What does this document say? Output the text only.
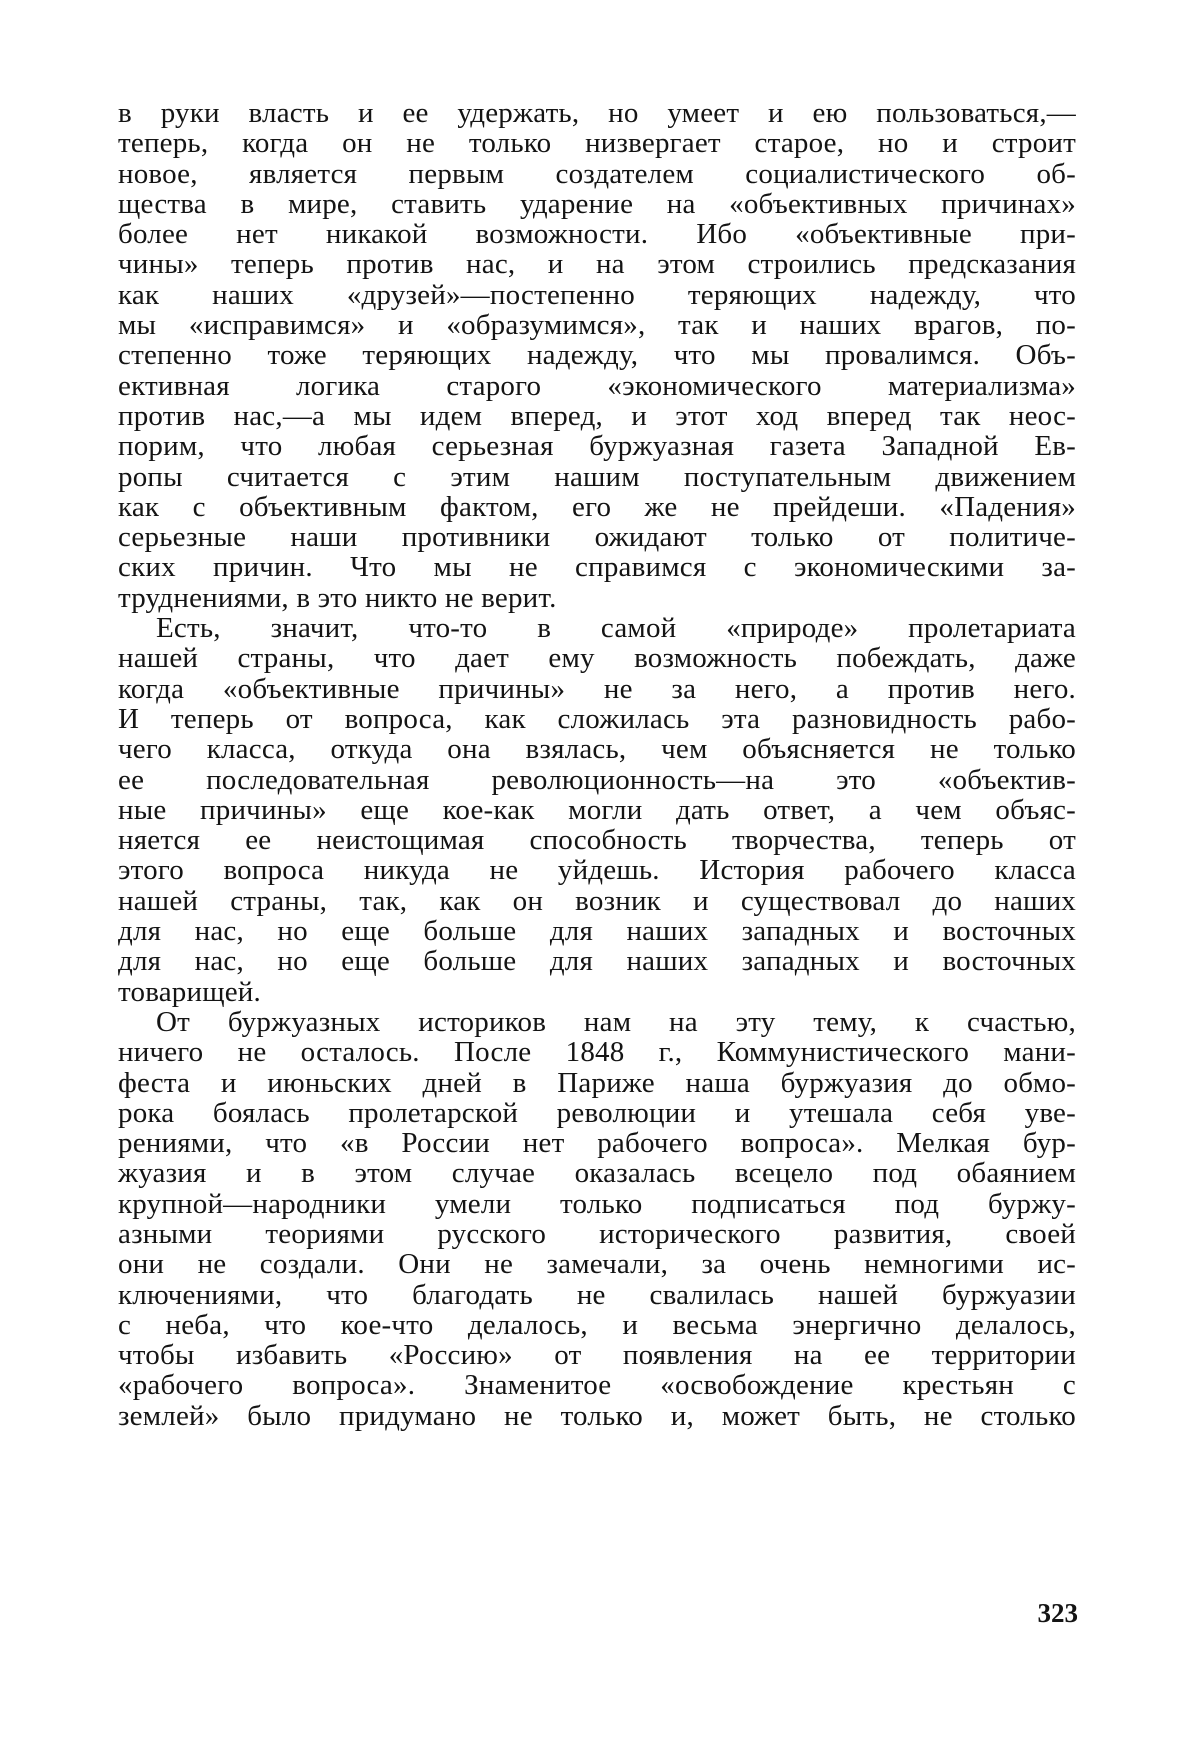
в руки власть и ее удержать, но умеет и ею пользоваться,—
теперь, когда он не только низвергает старое, но и строит
новое, является первым создателем социалистического об-
щества в мире, ставить ударение на «объективных причинах»
более нет никакой возможности. Ибо «объективные при-
чины» теперь против нас, и на этом строились предсказания
как наших «друзей»—постепенно теряющих надежду, что
мы «исправимся» и «образумимся», так и наших врагов, по-
степенно тоже теряющих надежду, что мы провалимся. Объ-
ективная логика старого «экономического материализма»
против нас,—а мы идем вперед, и этот ход вперед так неос-
порим, что любая серьезная буржуазная газета Западной Ев-
ропы считается с этим нашим поступательным движением
как с объективным фактом, его же не прейдеши. «Падения»
серьезные наши противники ожидают только от политиче-
ских причин. Что мы не справимся с экономическими за-
труднениями, в это никто не верит.
Есть, значит, что-то в самой «природе» пролетариата
нашей страны, что дает ему возможность побеждать, даже
когда «объективные причины» не за него, а против него.
И теперь от вопроса, как сложилась эта разновидность рабо-
чего класса, откуда она взялась, чем объясняется не только
ее последовательная революционность—на это «объектив-
ные причины» еще кое-как могли дать ответ, а чем объяс-
няется ее неистощимая способность творчества, теперь от
этого вопроса никуда не уйдешь. История рабочего класса
нашей страны, так, как он возник и существовал до наших
для нас, но еще больше для наших западных и восточных
для нас, но еще больше для наших западных и восточных
товарищей.
От буржуазных историков нам на эту тему, к счастью,
ничего не осталось. После 1848 г., Коммунистического мани-
феста и июньских дней в Париже наша буржуазия до обмо-
рока боялась пролетарской революции и утешала себя уве-
рениями, что «в России нет рабочего вопроса». Мелкая бур-
жуазия и в этом случае оказалась всецело под обаянием
крупной—народники умели только подписаться под буржу-
азными теориями русского исторического развития, своей
они не создали. Они не замечали, за очень немногими ис-
ключениями, что благодать не свалилась нашей буржуазии
с неба, что кое-что делалось, и весьма энергично делалось,
чтобы избавить «Россию» от появления на ее территории
«рабочего вопроса». Знаменитое «освобождение крестьян с
землей» было придумано не только и, может быть, не столько
323
